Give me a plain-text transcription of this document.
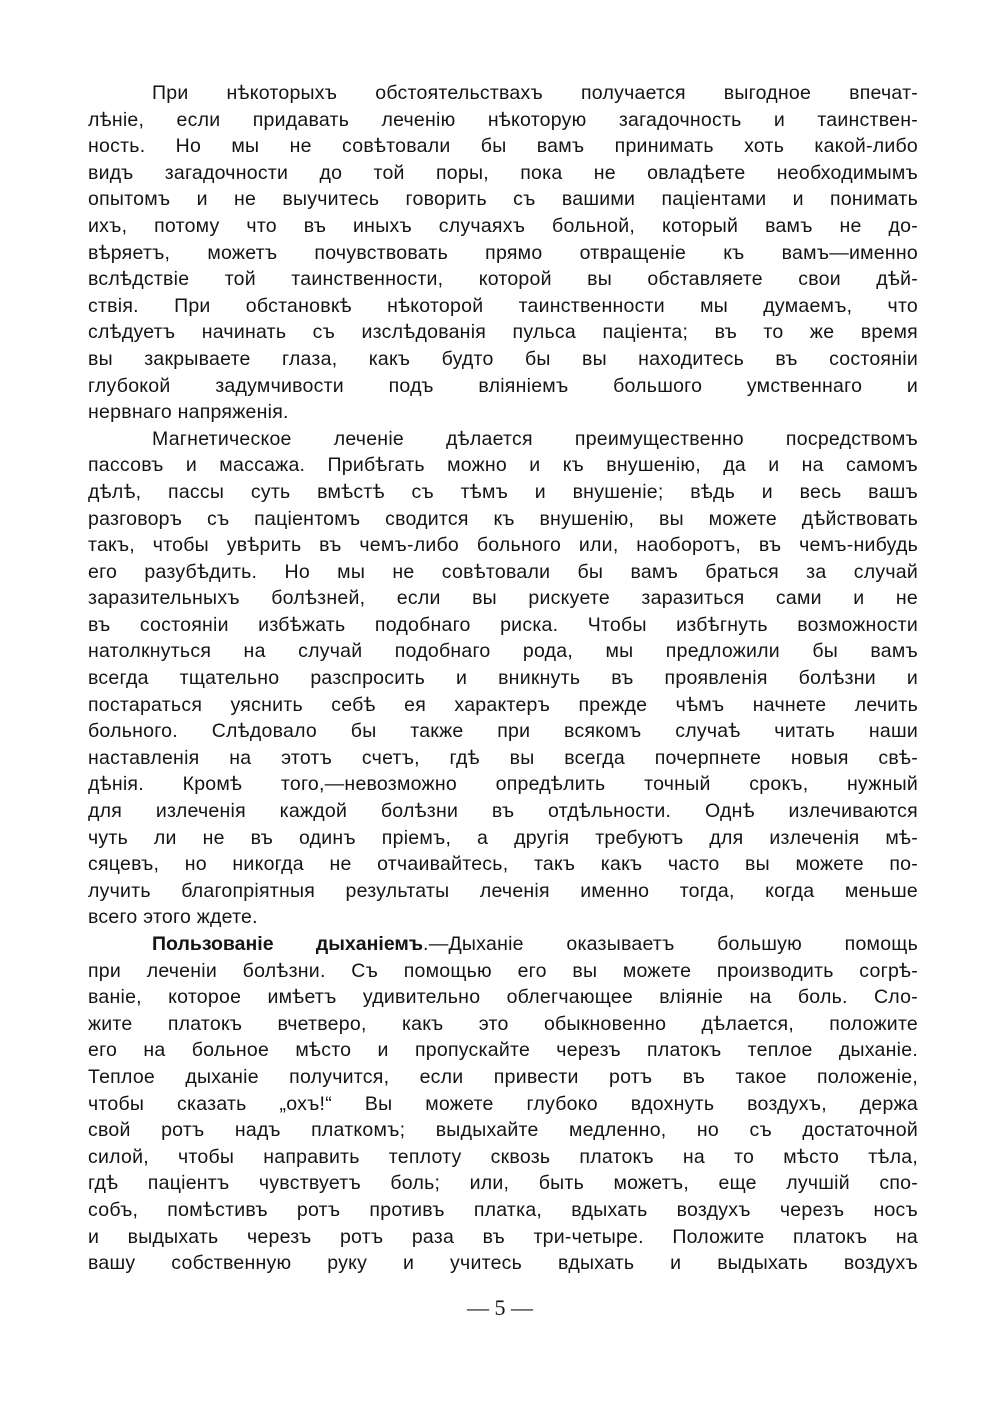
При нѣкоторыхъ обстоятельствахъ получается выгодное впечат-
лѣніе, если придавать леченію нѣкоторую загадочность и таинствен-
ность. Но мы не совѣтовали бы вамъ принимать хоть какой-либо
видъ загадочности до той поры, пока не овладѣете необходимымъ
опытомъ и не выучитесь говорить съ вашими паціентами и понимать
ихъ, потому что въ иныхъ случаяхъ больной, который вамъ не до-
вѣряетъ, можетъ почувствовать прямо отвращеніе къ вамъ—именно
вслѣдствіе той таинственности, которой вы обставляете свои дѣй-
ствія. При обстановкѣ нѣкоторой таинственности мы думаемъ, что
слѣдуетъ начинать съ изслѣдованія пульса паціента; въ то же время
вы закрываете глаза, какъ будто бы вы находитесь въ состояніи
глубокой задумчивости подъ вліяніемъ большого умственнаго и
нервнаго напряженія.
Магнетическое леченіе дѣлается преимущественно посредствомъ
пассовъ и массажа. Прибѣгать можно и къ внушенію, да и на самомъ
дѣлѣ, пассы суть вмѣстѣ съ тѣмъ и внушеніе; вѣдь и весь вашъ
разговоръ съ паціентомъ сводится къ внушенію, вы можете дѣйствовать
такъ, чтобы увѣрить въ чемъ-либо больного или, наоборотъ, въ чемъ-нибудь
его разубѣдить. Но мы не совѣтовали бы вамъ браться за случай
заразительныхъ болѣзней, если вы рискуете заразиться сами и не
въ состояніи избѣжать подобнаго риска. Чтобы избѣгнуть возможности
натолкнуться на случай подобнаго рода, мы предложили бы вамъ
всегда тщательно разспросить и вникнуть въ проявленія болѣзни и
постараться уяснить себѣ ея характеръ прежде чѣмъ начнете лечить
больного. Слѣдовало бы также при всякомъ случаѣ читать наши
наставленія на этотъ счетъ, гдѣ вы всегда почерпнете новыя свѣ-
дѣнія. Кромѣ того,—невозможно опредѣлить точный срокъ, нужный
для излеченія каждой болѣзни въ отдѣльности. Однѣ излечиваются
чуть ли не въ одинъ пріемъ, а другія требуютъ для излеченія мѣ-
сяцевъ, но никогда не отчаивайтесь, такъ какъ часто вы можете по-
лучить благопріятныя результаты леченія именно тогда, когда меньше
всего этого ждете.
Пользованіе дыханіемъ.—Дыханіе оказываетъ большую помощь
при леченіи болѣзни. Съ помощью его вы можете производить согрѣ-
ваніе, которое имѣетъ удивительно облегчающее вліяніе на боль. Сло-
жите платокъ вчетверо, какъ это обыкновенно дѣлается, положите
его на больное мѣсто и пропускайте черезъ платокъ теплое дыханіе.
Теплое дыханіе получится, если привести ротъ въ такое положеніе,
чтобы сказать „охъ!“ Вы можете глубоко вдохнуть воздухъ, держа
свой ротъ надъ платкомъ; выдыхайте медленно, но съ достаточной
силой, чтобы направить теплоту сквозь платокъ на то мѣсто тѣла,
гдѣ паціентъ чувствуетъ боль; или, быть можетъ, еще лучшій спо-
собъ, помѣстивъ ротъ противъ платка, вдыхать воздухъ черезъ носъ
и выдыхать черезъ ротъ раза въ три-четыре. Положите платокъ на
вашу собственную руку и учитесь вдыхать и выдыхать воздухъ
— 5 —
